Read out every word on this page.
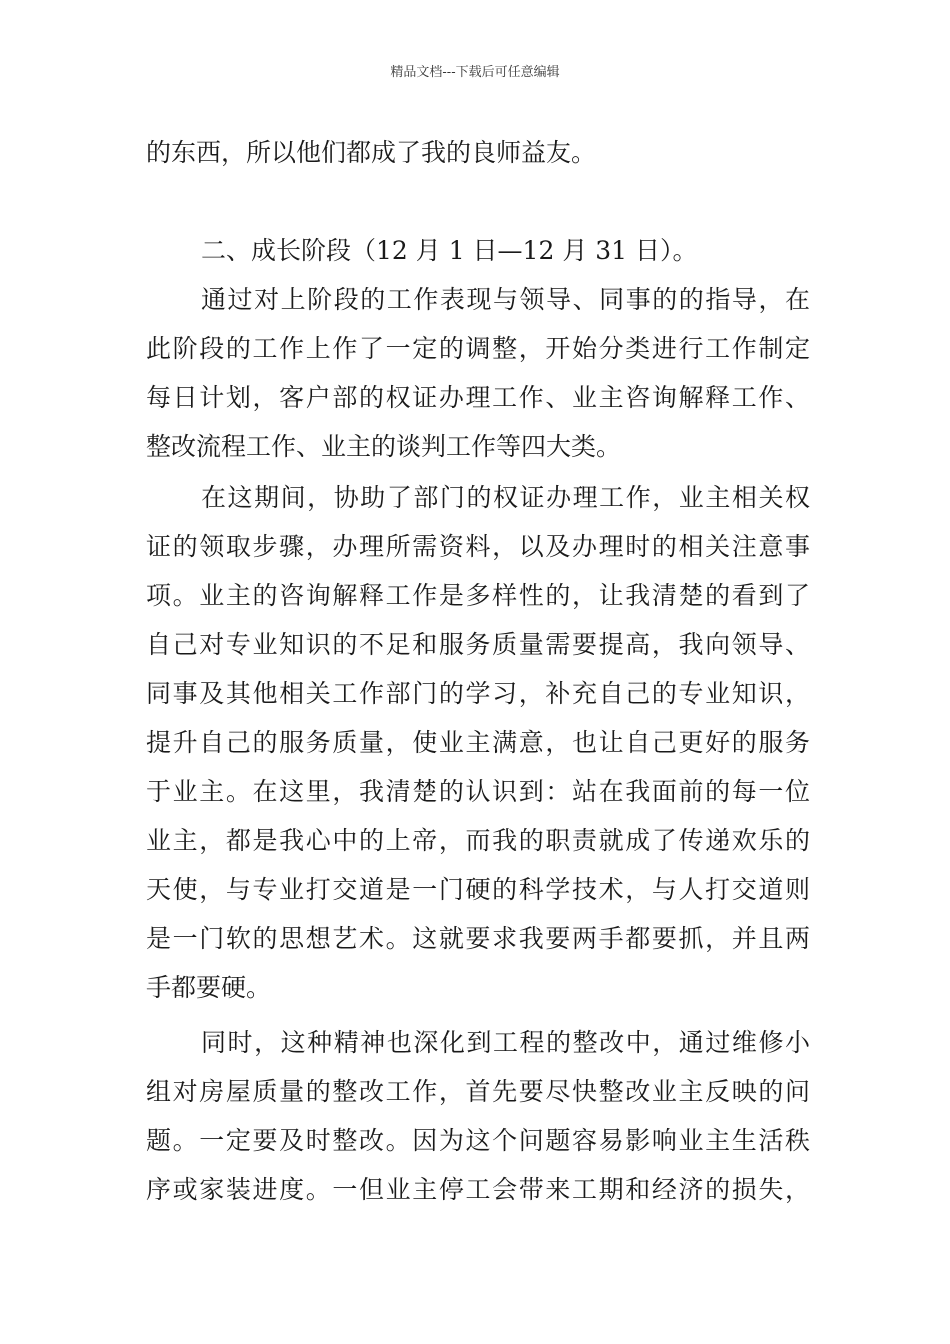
精品文档---下载后可任意编辑
的东西，所以他们都成了我的良师益友。
二、成长阶段（12 月 1 日—12 月 31 日）。
通过对上阶段的工作表现与领导、同事的的指导，在
此阶段的工作上作了一定的调整，开始分类进行工作制定
每日计划，客户部的权证办理工作、业主咨询解释工作、
整改流程工作、业主的谈判工作等四大类。
在这期间，协助了部门的权证办理工作，业主相关权
证的领取步骤，办理所需资料，以及办理时的相关注意事
项。业主的咨询解释工作是多样性的，让我清楚的看到了
自己对专业知识的不足和服务质量需要提高，我向领导、
同事及其他相关工作部门的学习，补充自己的专业知识，
提升自己的服务质量，使业主满意，也让自己更好的服务
于业主。在这里，我清楚的认识到：站在我面前的每一位
业主，都是我心中的上帝，而我的职责就成了传递欢乐的
天使，与专业打交道是一门硬的科学技术，与人打交道则
是一门软的思想艺术。这就要求我要两手都要抓，并且两
手都要硬。
同时，这种精神也深化到工程的整改中，通过维修小
组对房屋质量的整改工作，首先要尽快整改业主反映的问
题。一定要及时整改。因为这个问题容易影响业主生活秩
序或家装进度。一但业主停工会带来工期和经济的损失，
